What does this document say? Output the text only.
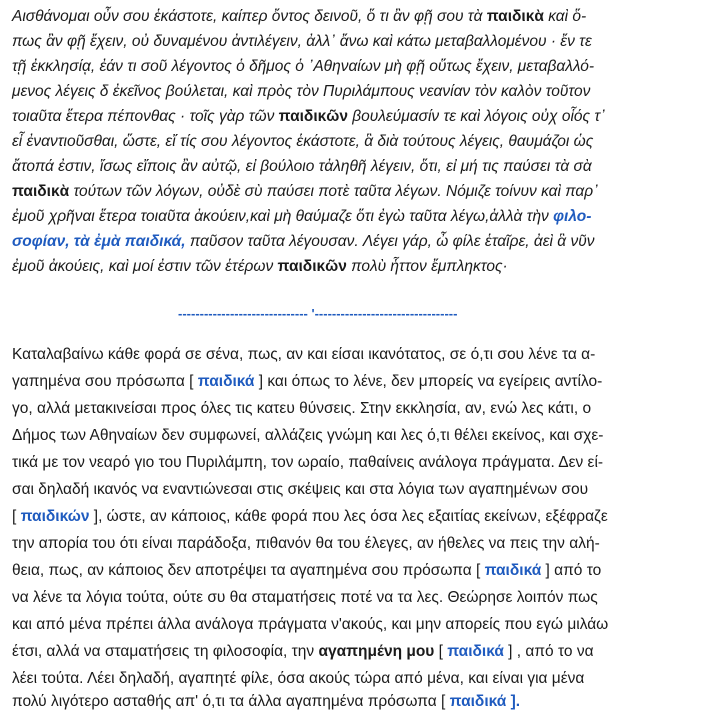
Αισθάνομαι οὖν σου ἑκάστοτε, καίπερ ὄντος δεινοῦ, ὅ τι ἂν φῇ σου τὰ παιδικὰ καὶ ὅ-
πως ἂν φῇ ἔχειν, οὐ δυναμένου ἀντιλέγειν, ἀλλ᾽ ἄνω καὶ κάτω μεταβαλλομένου · ἔν τε
τῇ ἐκκλησίᾳ, ἐάν τι σοῦ λέγοντος ὁ δῆμος ὁ ᾿Αθηναίων μὴ φῇ οὕτως ἔχειν, μεταβαλλό-
μενος λέγεις δ ἐκεῖνος βούλεται, καὶ πρὸς τὸν Πυριλάμπους νεανίαν τὸν καλὸν τοῦτον
τοιαῦτα ἕτερα πέπονθας · τοῖς γὰρ τῶν παιδικῶν βουλεύμασίν τε καὶ λόγοις οὐχ οἷός τ᾽
εἶ ἐναντιοῦσθαι, ὥστε, εἴ τίς σου λέγοντος ἑκάστοτε, ἃ διὰ τούτους λέγεις, θαυμάζοι ὡς
ἄτοπά ἐστιν, ἴσως εἴποις ἂν αὐτῷ, εἰ βούλοιο τἀληθῆ λέγειν, ὅτι, εἰ μή τις παύσει τὰ σὰ
παιδικὰ τούτων τῶν λόγων, οὐδὲ σὺ παύσει ποτὲ ταῦτα λέγων. Νόμιζε τοίνυν καὶ παρ᾽
ἐμοῦ χρῆναι ἕτερα τοιαῦτα ἀκούειν,καὶ μὴ θαύμαζε ὅτι ἐγὼ ταῦτα λέγω,ἀλλὰ τὴν φιλο-
σοφίαν, τὰ ἐμὰ παιδικά, παῦσον ταῦτα λέγουσαν. Λέγει γάρ, ὦ φίλε ἑταῖρε, ἀεὶ ἃ νῦν
ἐμοῦ ἀκούεις, καὶ μοί ἐστιν τῶν ἑτέρων παιδικῶν πολὺ ἧττον ἔμπληκτος·
------------------------------ '---------------------------------
Καταλαβαίνω κάθε φορά σε σένα, πως, αν και είσαι ικανότατος, σε ό,τι σου λένε τα α-
γαπημένα σου πρόσωπα [ παιδικά ] και όπως το λένε, δεν μπορείς να εγείρεις αντίλο-
γο, αλλά μετακινείσαι προς όλες τις κατευ θύνσεις. Στην εκκλησία, αν, ενώ λες κάτι, ο
Δήμος των Αθηναίων δεν συμφωνεί, αλλάζεις γνώμη και λες ό,τι θέλει εκείνος, και σχε-
τικά με τον νεαρό γιο του Πυριλάμπη, τον ωραίο, παθαίνεις ανάλογα πράγματα. Δεν εί-
σαι δηλαδή ικανός να εναντιώνεσαι στις σκέψεις και στα λόγια των αγαπημένων σου
[ παιδικών ], ώστε, αν κάποιος, κάθε φορά που λες όσα λες εξαιτίας εκείνων, εξέφραζε
την απορία του ότι είναι παράδοξα, πιθανόν θα του έλεγες, αν ήθελες να πεις την αλή-
θεια, πως, αν κάποιος δεν αποτρέψει τα αγαπημένα σου πρόσωπα [ παιδικά ] από το
να λένε τα λόγια τούτα, ούτε συ θα σταματήσεις ποτέ να τα λες. Θεώρησε λοιπόν πως
και από μένα πρέπει άλλα ανάλογα πράγματα ν'ακούς, και μην απορείς που εγώ μιλάω
έτσι, αλλά να σταματήσεις τη φιλοσοφία, την αγαπημένη μου [ παιδικά ] , από το να
λέει τούτα. Λέει δηλαδή, αγαπητέ φίλε, όσα ακούς τώρα από μένα, και είναι για μένα
πολύ λιγότερο ασταθής απ' ό,τι τα άλλα αγαπημένα πρόσωπα [ παιδικά ].
